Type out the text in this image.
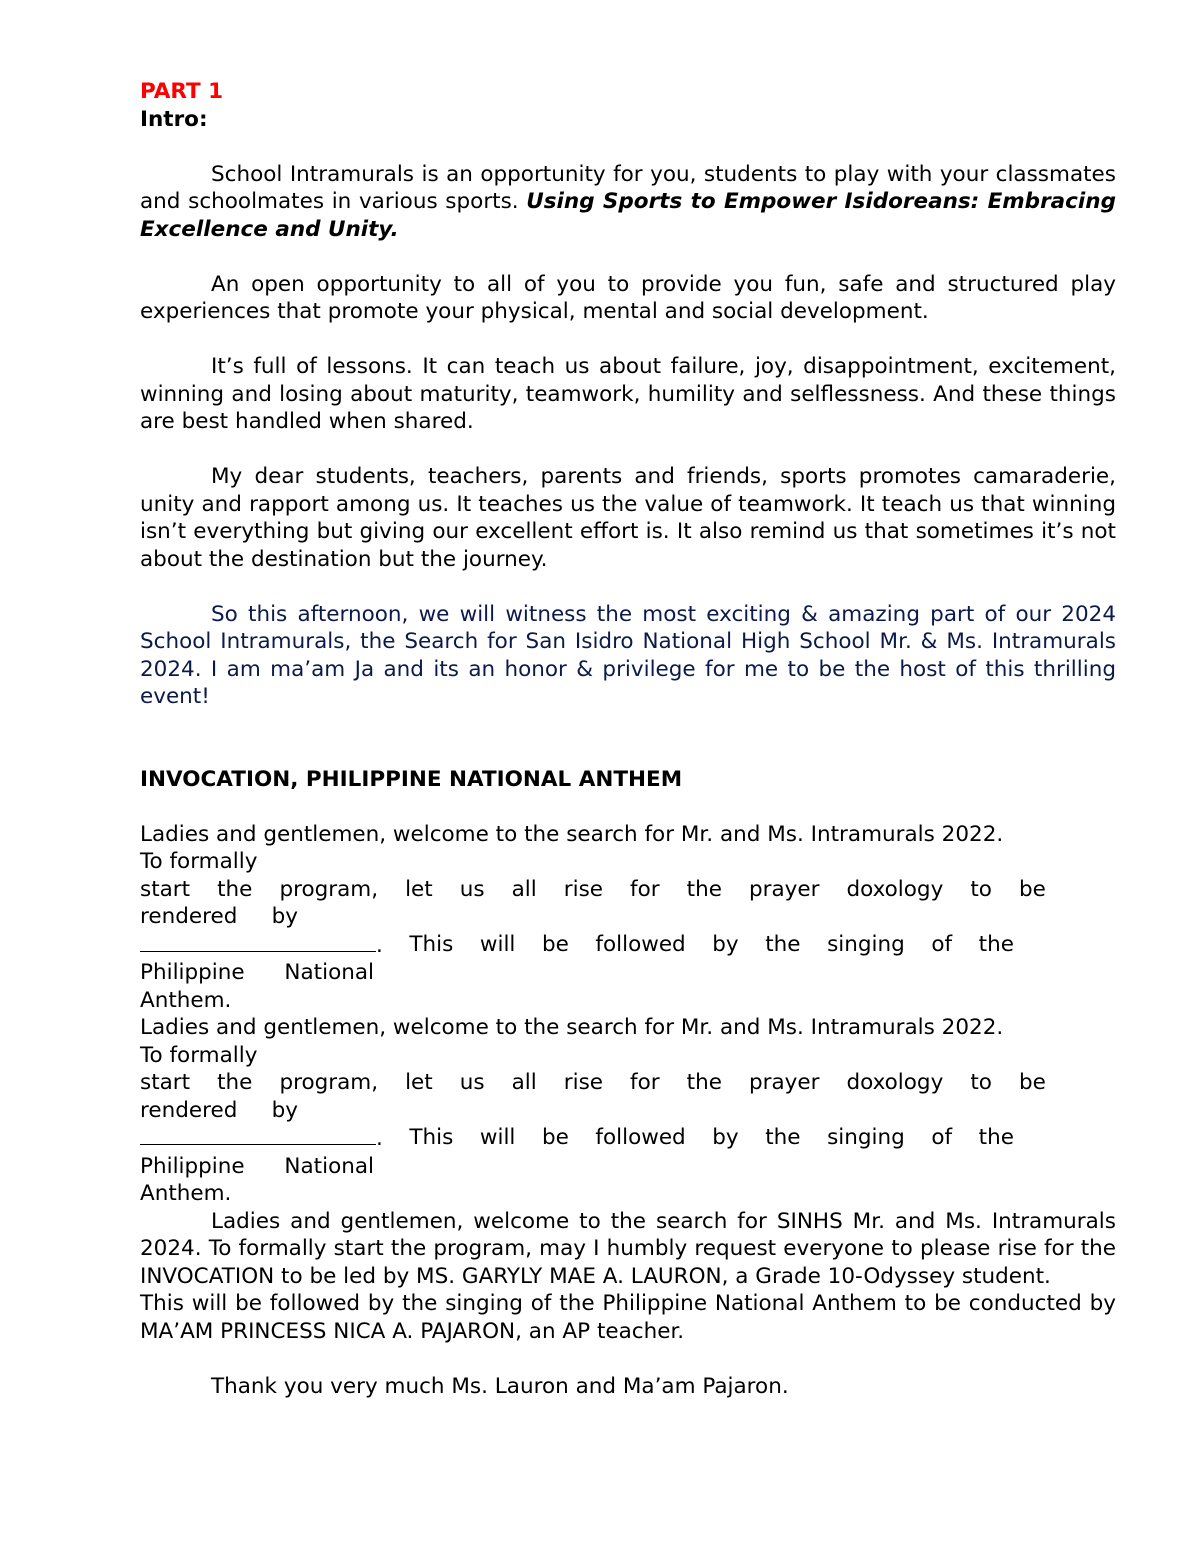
PART 1

Intro:

School Intramurals is an opportunity for you, students to play with your classmates and schoolmates in various sports. Using Sports to Empower Isidoreans: Embracing Excellence and Unity.

An open opportunity to all of you to provide you fun, safe and structured play experiences that promote your physical, mental and social development.

It’s full of lessons. It can teach us about failure, joy, disappointment, excitement, winning and losing about maturity, teamwork, humility and selflessness. And these things are best handled when shared.

My dear students, teachers, parents and friends, sports promotes camaraderie, unity and rapport among us. It teaches us the value of teamwork. It teach us that winning isn’t everything but giving our excellent effort is. It also remind us that sometimes it’s not about the destination but the journey.

So this afternoon, we will witness the most exciting & amazing part of our 2024 School Intramurals, the Search for San Isidro National High School Mr. & Ms. Intramurals 2024. I am ma’am Ja and its an honor & privilege for me to be the host of this thrilling event!

INVOCATION, PHILIPPINE NATIONAL ANTHEM

Ladies and gentlemen, welcome to the search for Mr. and Ms. Intramurals 2022.

To formally

start the program, let us all rise for the prayer doxology to be
rendered by
. This will be followed by the singing of the
Philippine National

Anthem.

Ladies and gentlemen, welcome to the search for Mr. and Ms. Intramurals 2022.

To formally

start the program, let us all rise for the prayer doxology to be
rendered by
. This will be followed by the singing of the
Philippine National

Anthem.

Ladies and gentlemen, welcome to the search for SINHS Mr. and Ms. Intramurals 2024. To formally start the program, may I humbly request everyone to please rise for the INVOCATION to be led by MS. GARYLY MAE A. LAURON, a Grade 10-Odyssey student.

This will be followed by the singing of the Philippine National Anthem to be conducted by MA’AM PRINCESS NICA A. PAJARON, an AP teacher.

Thank you very much Ms. Lauron and Ma’am Pajaron.
